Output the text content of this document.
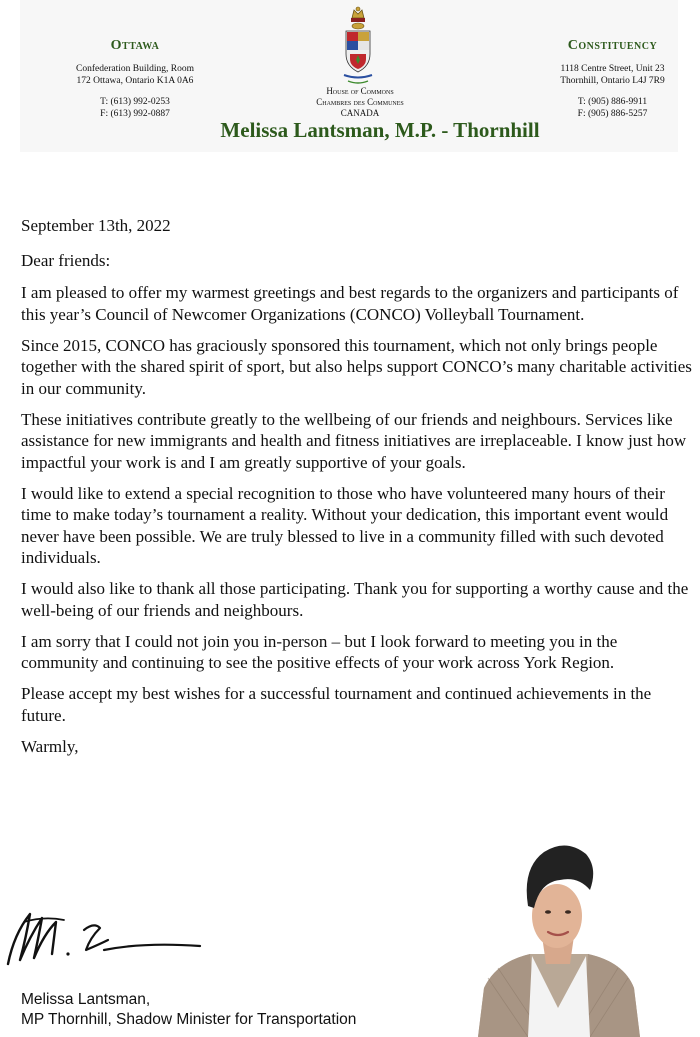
Ottawa
Confederation Building, Room
172 Ottawa, Ontario K1A 0A6
T: (613) 992-0253
F: (613) 992-0887
House of Commons
Chambres des Communes
CANADA
Melissa Lantsman, M.P. - Thornhill
Constituency
1118 Centre Street, Unit 23
Thornhill, Ontario L4J 7R9
T: (905) 886-9911
F: (905) 886-5257

September 13th, 2022

Dear friends:

I am pleased to offer my warmest greetings and best regards to the organizers and participants of this year’s Council of Newcomer Organizations (CONCO) Volleyball Tournament.

Since 2015, CONCO has graciously sponsored this tournament, which not only brings people together with the shared spirit of sport, but also helps support CONCO’s many charitable activities in our community.

These initiatives contribute greatly to the wellbeing of our friends and neighbours. Services like assistance for new immigrants and health and fitness initiatives are irreplaceable. I know just how impactful your work is and I am greatly supportive of your goals.

I would like to extend a special recognition to those who have volunteered many hours of their time to make today’s tournament a reality. Without your dedication, this important event would never have been possible. We are truly blessed to live in a community filled with such devoted individuals.

I would also like to thank all those participating. Thank you for supporting a worthy cause and the well-being of our friends and neighbours.

I am sorry that I could not join you in-person – but I look forward to meeting you in the community and continuing to see the positive effects of your work across York Region.

Please accept my best wishes for a successful tournament and continued achievements in the future.

Warmly,

Melissa Lantsman,
MP Thornhill, Shadow Minister for Transportation
